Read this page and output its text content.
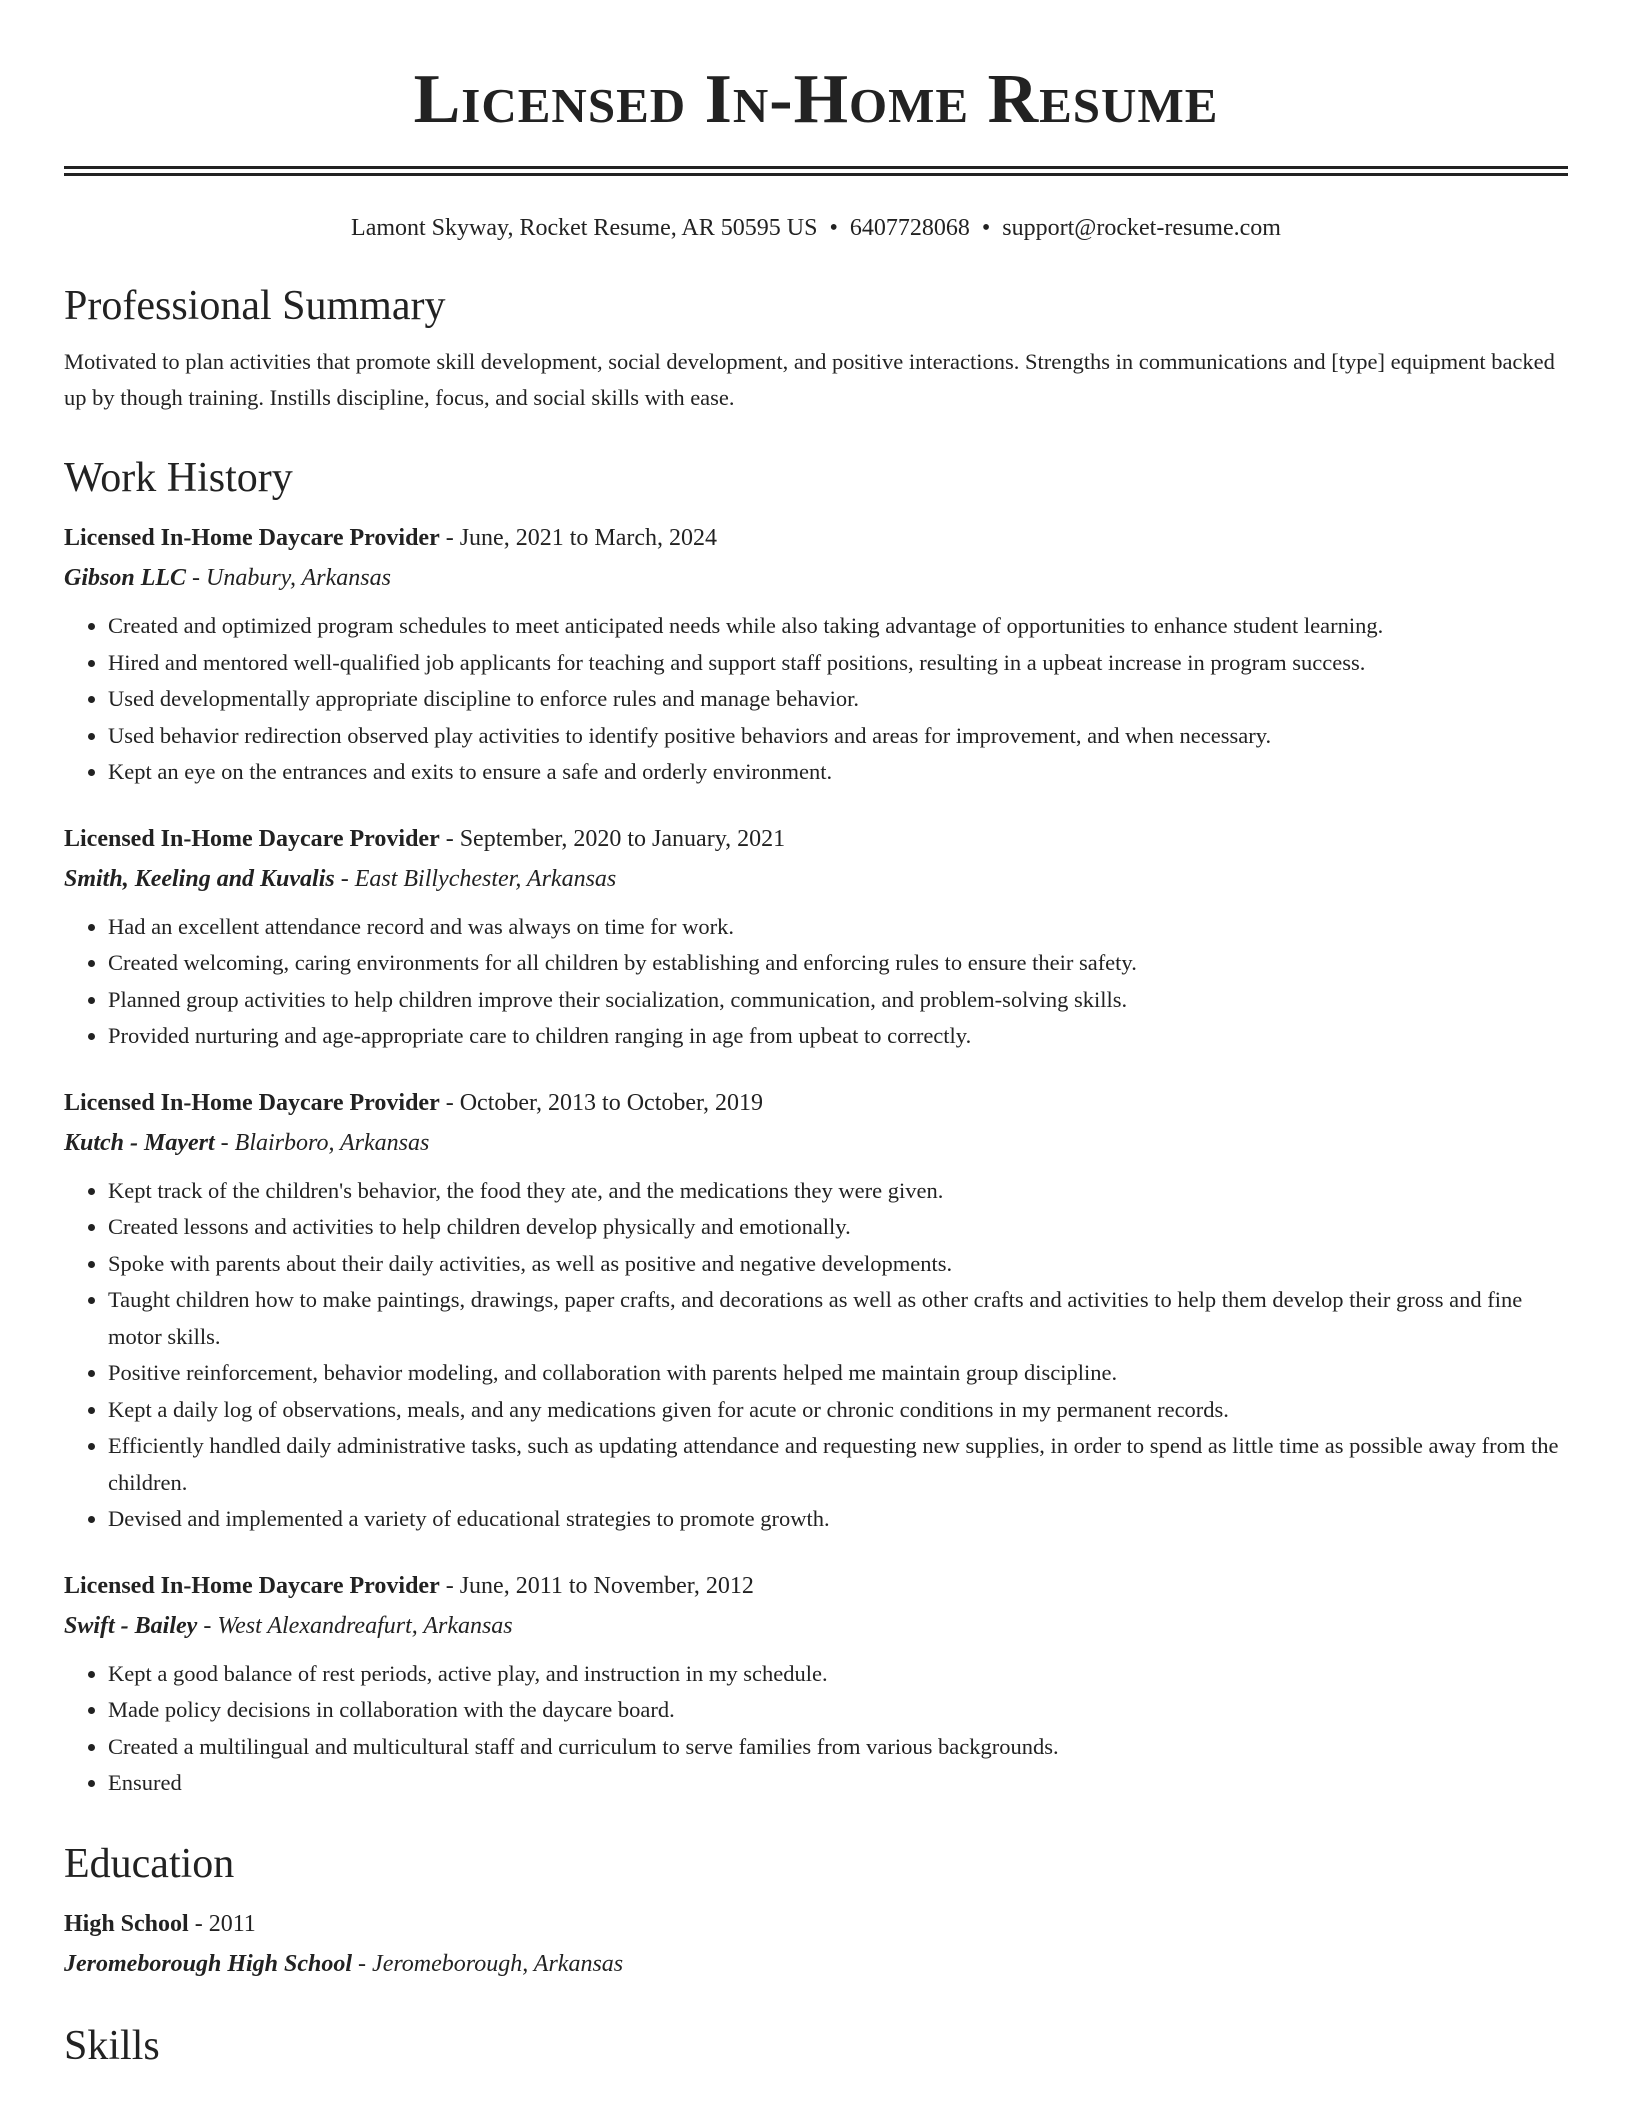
Licensed In-Home Resume
Lamont Skyway, Rocket Resume, AR 50595 US • 6407728068 • support@rocket-resume.com
Professional Summary

Motivated to plan activities that promote skill development, social development, and positive interactions. Strengths in communications and [type] equipment backed up by though training. Instills discipline, focus, and social skills with ease.

Work History
Licensed In-Home Daycare Provider - June, 2021 to March, 2024
Gibson LLC - Unabury, Arkansas
• Created and optimized program schedules to meet anticipated needs while also taking advantage of opportunities to enhance student learning.
• Hired and mentored well-qualified job applicants for teaching and support staff positions, resulting in a upbeat increase in program success.
• Used developmentally appropriate discipline to enforce rules and manage behavior.
• Used behavior redirection observed play activities to identify positive behaviors and areas for improvement, and when necessary.
• Kept an eye on the entrances and exits to ensure a safe and orderly environment.
Licensed In-Home Daycare Provider - September, 2020 to January, 2021
Smith, Keeling and Kuvalis - East Billychester, Arkansas
• Had an excellent attendance record and was always on time for work.
• Created welcoming, caring environments for all children by establishing and enforcing rules to ensure their safety.
• Planned group activities to help children improve their socialization, communication, and problem-solving skills.
• Provided nurturing and age-appropriate care to children ranging in age from upbeat to correctly.
Licensed In-Home Daycare Provider - October, 2013 to October, 2019
Kutch - Mayert - Blairboro, Arkansas
• Kept track of the children's behavior, the food they ate, and the medications they were given.
• Created lessons and activities to help children develop physically and emotionally.
• Spoke with parents about their daily activities, as well as positive and negative developments.
• Taught children how to make paintings, drawings, paper crafts, and decorations as well as other crafts and activities to help them develop their gross and fine motor skills.
• Positive reinforcement, behavior modeling, and collaboration with parents helped me maintain group discipline.
• Kept a daily log of observations, meals, and any medications given for acute or chronic conditions in my permanent records.
• Efficiently handled daily administrative tasks, such as updating attendance and requesting new supplies, in order to spend as little time as possible away from the children.
• Devised and implemented a variety of educational strategies to promote growth.
Licensed In-Home Daycare Provider - June, 2011 to November, 2012
Swift - Bailey - West Alexandreafurt, Arkansas
• Kept a good balance of rest periods, active play, and instruction in my schedule.
• Made policy decisions in collaboration with the daycare board.
• Created a multilingual and multicultural staff and curriculum to serve families from various backgrounds.
• Ensured
Education
High School - 2011
Jeromeborough High School - Jeromeborough, Arkansas
Skills
